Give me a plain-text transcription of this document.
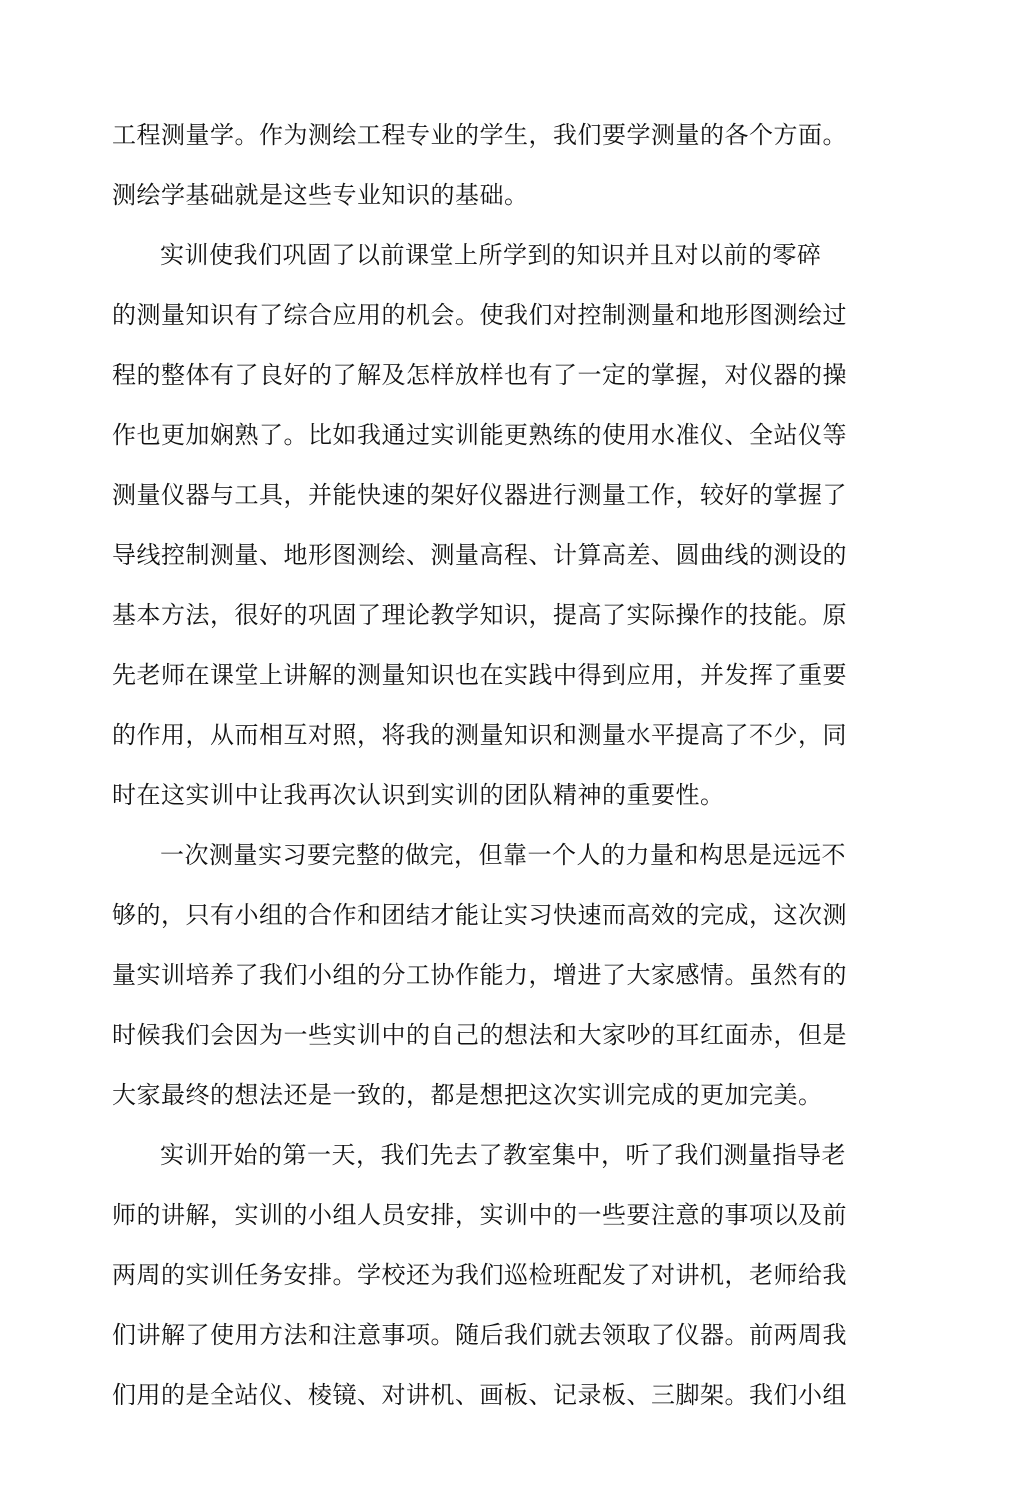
工程测量学。作为测绘工程专业的学生，我们要学测量的各个方面。
测绘学基础就是这些专业知识的基础。
实训使我们巩固了以前课堂上所学到的知识并且对以前的零碎
的测量知识有了综合应用的机会。使我们对控制测量和地形图测绘过
程的整体有了良好的了解及怎样放样也有了一定的掌握，对仪器的操
作也更加娴熟了。比如我通过实训能更熟练的使用水准仪、全站仪等
测量仪器与工具，并能快速的架好仪器进行测量工作，较好的掌握了
导线控制测量、地形图测绘、测量高程、计算高差、圆曲线的测设的
基本方法，很好的巩固了理论教学知识，提高了实际操作的技能。原
先老师在课堂上讲解的测量知识也在实践中得到应用，并发挥了重要
的作用，从而相互对照，将我的测量知识和测量水平提高了不少，同
时在这实训中让我再次认识到实训的团队精神的重要性。
一次测量实习要完整的做完，但靠一个人的力量和构思是远远不
够的，只有小组的合作和团结才能让实习快速而高效的完成，这次测
量实训培养了我们小组的分工协作能力，增进了大家感情。虽然有的
时候我们会因为一些实训中的自己的想法和大家吵的耳红面赤，但是
大家最终的想法还是一致的，都是想把这次实训完成的更加完美。
实训开始的第一天，我们先去了教室集中，听了我们测量指导老
师的讲解，实训的小组人员安排，实训中的一些要注意的事项以及前
两周的实训任务安排。学校还为我们巡检班配发了对讲机，老师给我
们讲解了使用方法和注意事项。随后我们就去领取了仪器。前两周我
们用的是全站仪、棱镜、对讲机、画板、记录板、三脚架。我们小组
